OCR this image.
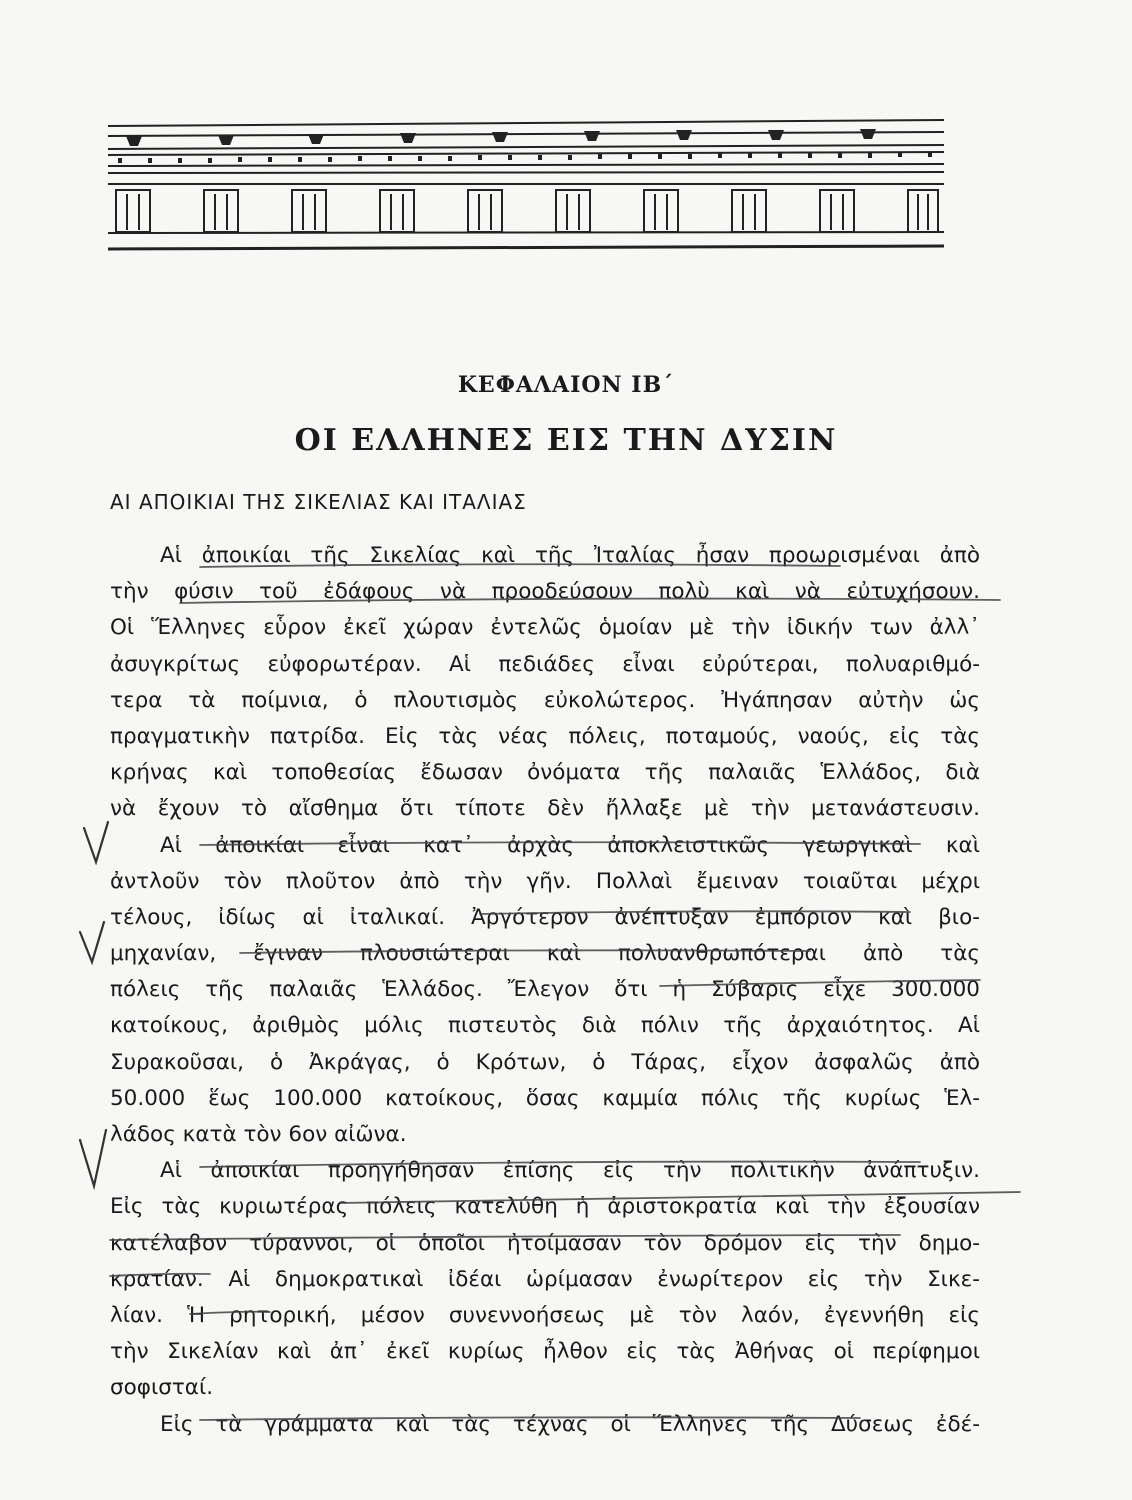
ΚΕΦΑΛΑΙΟΝ ΙΒ΄
ΟΙ ΕΛΛΗΝΕΣ ΕΙΣ ΤΗΝ ΔΥΣΙΝ
ΑΙ ΑΠΟΙΚΙΑΙ ΤΗΣ ΣΙΚΕΛΙΑΣ ΚΑΙ ΙΤΑΛΙΑΣ
Αἱ ἀποικίαι τῆς Σικελίας καὶ τῆς Ἰταλίας ἦσαν προωρισμέναι ἀπὸ
τὴν φύσιν τοῦ ἐδάφους νὰ προοδεύσουν πολὺ καὶ νὰ εὐτυχήσουν.
Οἱ Ἕλληνες εὗρον ἐκεῖ χώραν ἐντελῶς ὁμοίαν μὲ τὴν ἰδικήν των ἀλλ᾽
ἀσυγκρίτως εὐφορωτέραν. Αἱ πεδιάδες εἶναι εὐρύτεραι, πολυαριθμό-
τερα τὰ ποίμνια, ὁ πλουτισμὸς εὐκολώτερος. Ἠγάπησαν αὐτὴν ὡς
πραγματικὴν πατρίδα. Εἰς τὰς νέας πόλεις, ποταμούς, ναούς, εἰς τὰς
κρήνας καὶ τοποθεσίας ἔδωσαν ὀνόματα τῆς παλαιᾶς Ἑλλάδος, διὰ
νὰ ἔχουν τὸ αἴσθημα ὅτι τίποτε δὲν ἤλλαξε μὲ τὴν μετανάστευσιν.
Αἱ ἀποικίαι εἶναι κατ᾽ ἀρχὰς ἀποκλειστικῶς γεωργικαὶ καὶ
ἀντλοῦν τὸν πλοῦτον ἀπὸ τὴν γῆν. Πολλαὶ ἔμειναν τοιαῦται μέχρι
τέλους, ἰδίως αἱ ἰταλικαί. Ἀργότερον ἀνέπτυξαν ἐμπόριον καὶ βιο-
μηχανίαν, ἔγιναν πλουσιώτεραι καὶ πολυανθρωπότεραι ἀπὸ τὰς
πόλεις τῆς παλαιᾶς Ἑλλάδος. Ἔλεγον ὅτι ἡ Σύβαρις εἶχε 300.000
κατοίκους, ἀριθμὸς μόλις πιστευτὸς διὰ πόλιν τῆς ἀρχαιότητος. Αἱ
Συρακοῦσαι, ὁ Ἀκράγας, ὁ Κρότων, ὁ Τάρας, εἶχον ἀσφαλῶς ἀπὸ
50.000 ἕως 100.000 κατοίκους, ὅσας καμμία πόλις τῆς κυρίως Ἑλ-
λάδος κατὰ τὸν 6ον αἰῶνα.
Αἱ ἀποικίαι προηγήθησαν ἐπίσης εἰς τὴν πολιτικὴν ἀνάπτυξιν.
Εἰς τὰς κυριωτέρας πόλεις κατελύθη ἡ ἀριστοκρατία καὶ τὴν ἐξουσίαν
κατέλαβον τύραννοι, οἱ ὁποῖοι ἠτοίμασαν τὸν δρόμον εἰς τὴν δημο-
κρατίαν. Αἱ δημοκρατικαὶ ἰδέαι ὡρίμασαν ἐνωρίτερον εἰς τὴν Σικε-
λίαν. Ἡ ρητορική, μέσον συνεννοήσεως μὲ τὸν λαόν, ἐγεννήθη εἰς
τὴν Σικελίαν καὶ ἀπ᾽ ἐκεῖ κυρίως ἦλθον εἰς τὰς Ἀθήνας οἱ περίφημοι
σοφισταί.
Εἰς τὰ γράμματα καὶ τὰς τέχνας οἱ Ἕλληνες τῆς Δύσεως ἐδέ-
